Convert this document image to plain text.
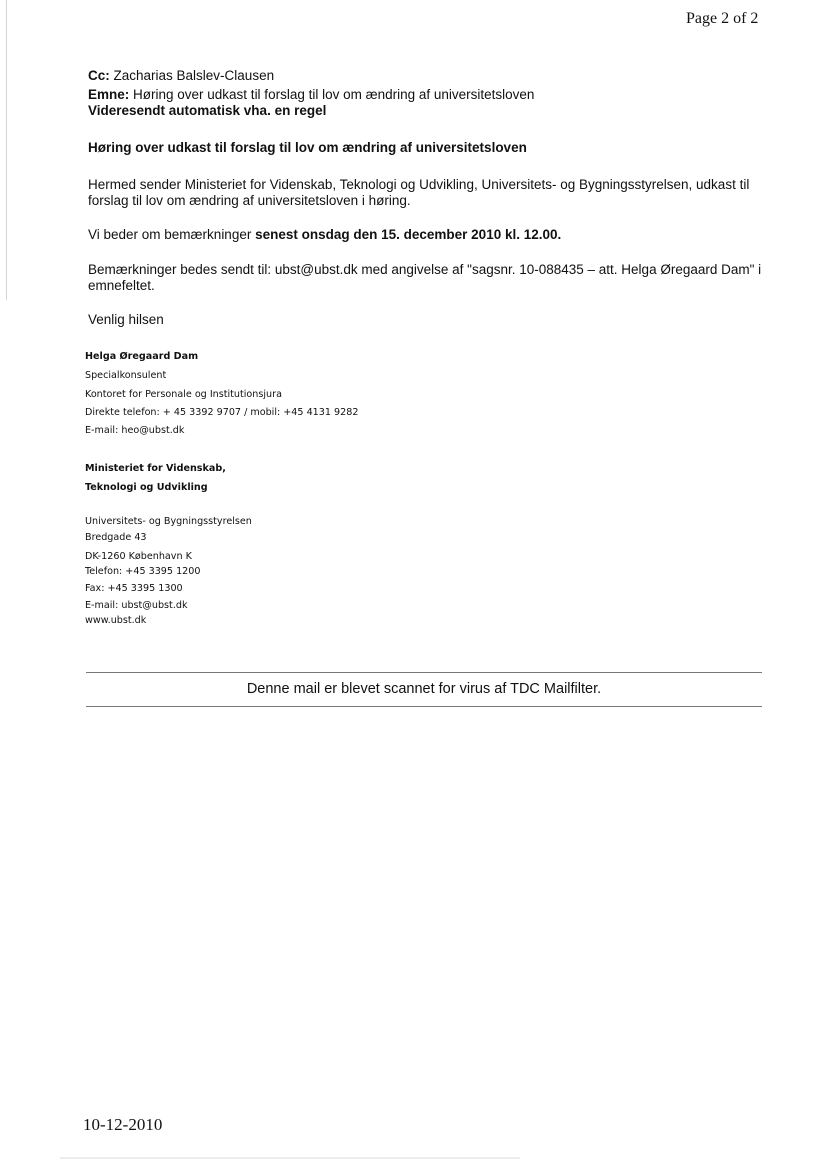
Page 2 of 2
Cc: Zacharias Balslev-Clausen
Emne: Høring over udkast til forslag til lov om ændring af universitetsloven
Videresendt automatisk vha. en regel
Høring over udkast til forslag til lov om ændring af universitetsloven
Hermed sender Ministeriet for Videnskab, Teknologi og Udvikling, Universitets- og Bygningsstyrelsen, udkast til forslag til lov om ændring af universitetsloven i høring.
Vi beder om bemærkninger senest onsdag den 15. december 2010 kl. 12.00.
Bemærkninger bedes sendt til: ubst@ubst.dk med angivelse af "sagsnr. 10-088435 – att. Helga Øregaard Dam" i emnefeltet.
Venlig hilsen
Helga Øregaard Dam
Specialkonsulent
Kontoret for Personale og Institutionsjura
Direkte telefon: + 45 3392 9707 / mobil: +45 4131 9282
E-mail: heo@ubst.dk
Ministeriet for Videnskab,
Teknologi og Udvikling
Universitets- og Bygningsstyrelsen
Bredgade 43
DK-1260 København K
Telefon: +45 3395 1200
Fax: +45 3395 1300
E-mail: ubst@ubst.dk
www.ubst.dk
Denne mail er blevet scannet for virus af TDC Mailfilter.
10-12-2010
